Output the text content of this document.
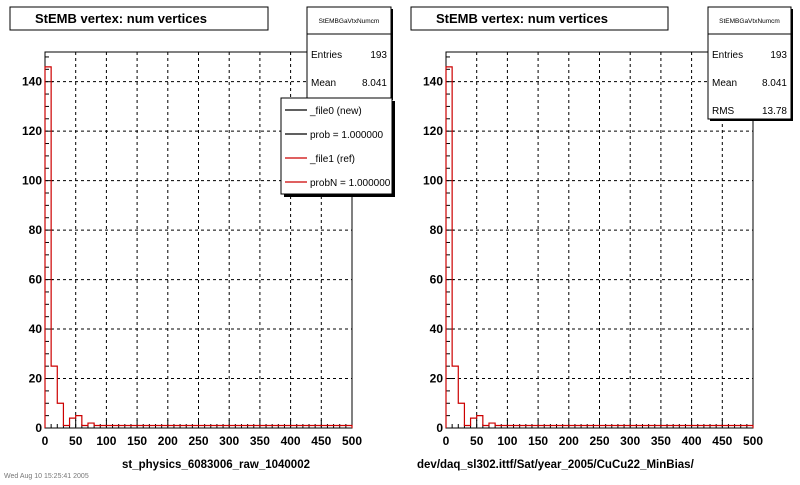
0 50 100 150 200 250 300 350 400 450 500
0
20
40
60
80
100
120
140
StEMB vertex: num vertices	StEMBGaVtxNumcm
Entries	193
Mean	8.041
_file0 (new)
prob = 1.000000
_file1 (ref)
probN = 1.000000
st_physics_6083006_raw_1040002
0 50 100 150 200 250 300 350 400 450 500
0
20
40
60
80
100
120
140
StEMB vertex: num vertices	StEMBGaVtxNumcm
Entries	193
Mean 8.041
RMS	13.78
dev/daq_sl302.ittf/Sat/year_2005/CuCu22_MinBias/
Wed Aug 10 15:25:41 2005
